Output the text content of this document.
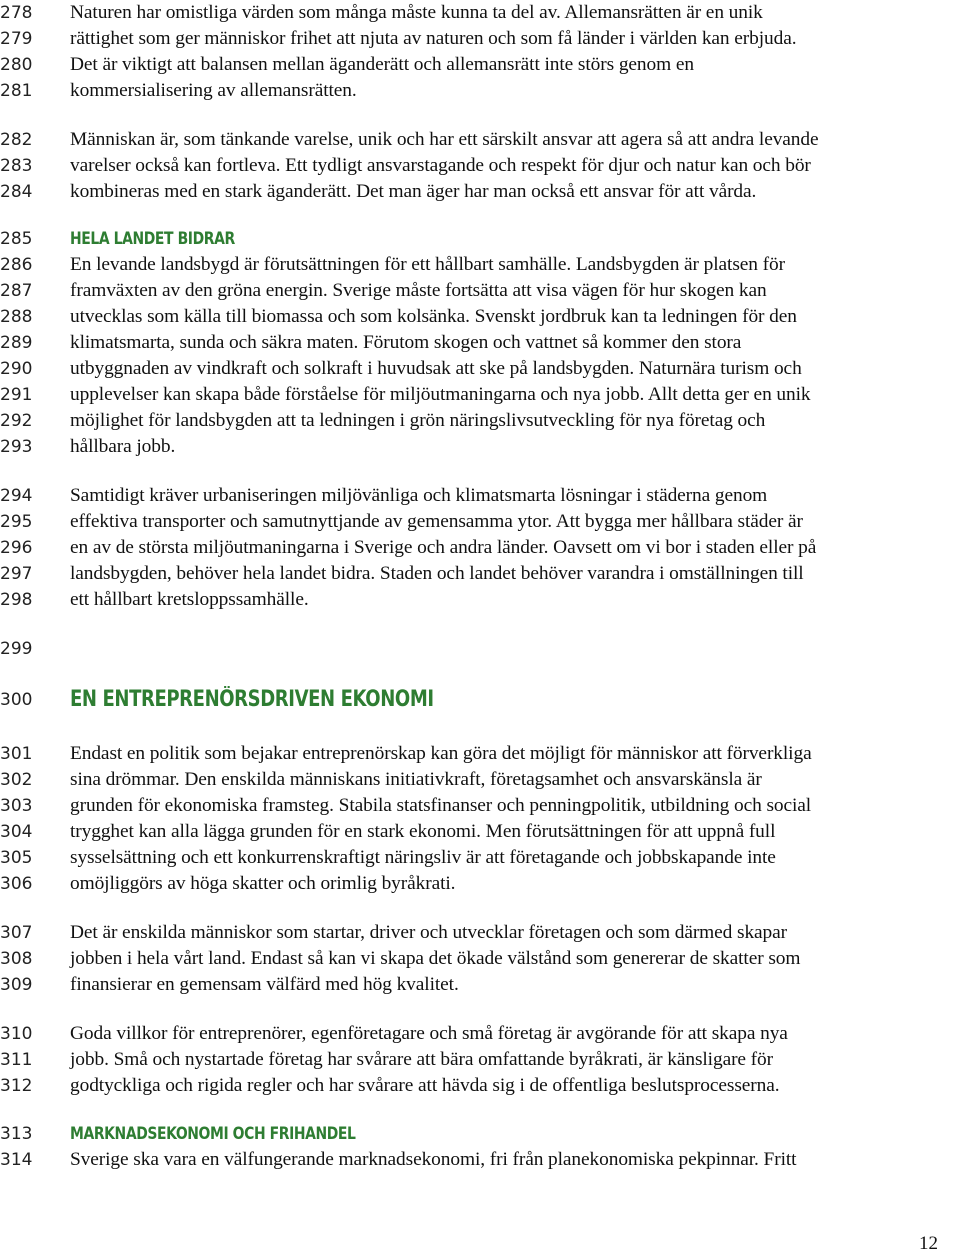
278	Naturen har omistliga värden som många måste kunna ta del av. Allemansrätten är en unik
279	rättighet som ger människor frihet att njuta av naturen och som få länder i världen kan erbjuda.
280	Det är viktigt att balansen mellan äganderätt och allemansrätt inte störs genom en
281	kommersialisering av allemansrätten.
282	Människan är, som tänkande varelse, unik och har ett särskilt ansvar att agera så att andra levande
283	varelser också kan fortleva. Ett tydligt ansvarstagande och respekt för djur och natur kan och bör
284	kombineras med en stark äganderätt. Det man äger har man också ett ansvar för att vårda.
285	HELA LANDET BIDRAR
286	En levande landsbygd är förutsättningen för ett hållbart samhälle. Landsbygden är platsen för
287	framväxten av den gröna energin. Sverige måste fortsätta att visa vägen för hur skogen kan
288	utvecklas som källa till biomassa och som kolsänka. Svenskt jordbruk kan ta ledningen för den
289	klimatsmarta, sunda och säkra maten. Förutom skogen och vattnet så kommer den stora
290	utbyggnaden av vindkraft och solkraft i huvudsak att ske på landsbygden. Naturnära turism och
291	upplevelser kan skapa både förståelse för miljöutmaningarna och nya jobb. Allt detta ger en unik
292	möjlighet för landsbygden att ta ledningen i grön näringslivsutveckling för nya företag och
293	hållbara jobb.
294	Samtidigt kräver urbaniseringen miljövänliga och klimatsmarta lösningar i städerna genom
295	effektiva transporter och samutnyttjande av gemensamma ytor. Att bygga mer hållbara städer är
296	en av de största miljöutmaningarna i Sverige och andra länder. Oavsett om vi bor i staden eller på
297	landsbygden, behöver hela landet bidra. Staden och landet behöver varandra i omställningen till
298	ett hållbart kretsloppssamhälle.
299
300	EN ENTREPRENÖRSDRIVEN EKONOMI
301	Endast en politik som bejakar entreprenörskap kan göra det möjligt för människor att förverkliga
302	sina drömmar. Den enskilda människans initiativkraft, företagsamhet och ansvarskänsla är
303	grunden för ekonomiska framsteg. Stabila statsfinanser och penningpolitik, utbildning och social
304	trygghet kan alla lägga grunden för en stark ekonomi. Men förutsättningen för att uppnå full
305	sysselsättning och ett konkurrenskraftigt näringsliv är att företagande och jobbskapande inte
306	omöjliggörs av höga skatter och orimlig byråkrati.
307	Det är enskilda människor som startar, driver och utvecklar företagen och som därmed skapar
308	jobben i hela vårt land. Endast så kan vi skapa det ökade välstånd som genererar de skatter som
309	finansierar en gemensam välfärd med hög kvalitet.
310	Goda villkor för entreprenörer, egenföretagare och små företag är avgörande för att skapa nya
311	jobb. Små och nystartade företag har svårare att bära omfattande byråkrati, är känsligare för
312	godtyckliga och rigida regler och har svårare att hävda sig i de offentliga beslutsprocesserna.
313	MARKNADSEKONOMI OCH FRIHANDEL
314	Sverige ska vara en välfungerande marknadsekonomi, fri från planekonomiska pekpinnar. Fritt
12
